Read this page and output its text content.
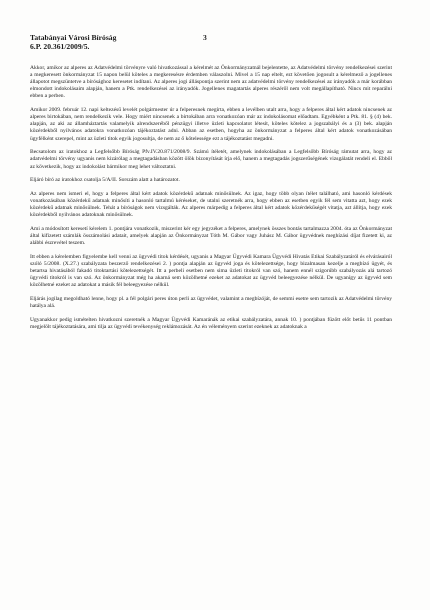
Tatabányai Városi Bíróság
6.P. 20.361/2009/5.
3

Akkor, amikor az alperes az Adatvédelmi törvényre való hivatkozással a kérelmét az Önkormányzatnál bejelentette, az Adatvédelmi törvény rendelkezései szerint a megkeresett önkormányzat 15 napon belül köteles a megkeresésre érdemben válaszolni. Mivel a 15 nap eltelt, ezt követően jogosult a kérelmező a jogellenes állapotot megszüntetve a bírósághoz keresetet indítani. Az alperes jogi álláspontja szerint nem az adatvédelmi törvény rendelkezései az irányadók a már korábban elmondott indokolásaim alapján, hanem a Ptk. rendelkezései az irányadók. Jogellenes magatartás alperes részéről nem volt megállapítható. Nincs mit reparálni ebben a perben.

Amikor 2009. február 12. napi keltezésű levelét polgármester úr a felperesnek megírta, ebben a levélben utalt arra, hogy a felperes által kért adatok nincsenek az alperes birtokában, nem rendelkezik vele. Hogy miért nincsenek a birtokában arra vonatkozóan már az indokolásomat előadtam. Egyébként a Ptk. 81. § (4) bek. alapján, az aki az államháztartás valamelyik alrendszeréből pénzügyi illetve üzleti kapcsolatot létesít, köteles kötelez a jogszabályi és a (3) bek. alapján közérdekből nyilvános adatokra vonatkozóan tájékoztatást adni. Abban az esetben, hogyha az önkormányzat a felperes által kért adatok vonatkozásában ügyfélként szerepel, mint az üzleti titok egyik jogosultja, de nem az ő kötelessége ezt a tájékoztatást megadni.

Becsatolom az iratokhoz a Legfelsőbb Bíróság Pfv.IV.20.871/2008/9. Számú ítéletét, amelynek indokolásában a Legfelsőbb Bíróság rámutat arra, hogy az adatvédelmi törvény ugyanis nem kizárólag a megtagadásban között ölök bizonyítását írja elő, hanem a megtagadás jogszerűségének vizsgálatát rendeli el. Ebből az következik, hogy az indokolást bármikor meg lehet változtatni.

Eljáró bíró az iratokhoz csatolja 5/A/II. Sorszám alatt a határozatot.

Az alperes nem ismeri el, hogy a felperes által kért adatok közérdekű adatnak minősülnek. Az igaz, hogy több olyan ítélet található, ami hasonló kérdések vonatkozásában közérdekű adatnak minősíti a hasonló tartalmú kéréseket, de utalni szeretnék arra, hogy ebben az esetben egyik fél sem vitatta azt, hogy ezek közérdekű adatnak minősülnek. Tehát a bíróságok nem vizsgálták. Az alperes márpedig a felperes által kért adatok közérdekűségét vitatja, azt állítja, hogy ezek közérdekből nyilvános adatoknak minősülnek.

Ami a módosított keresetí kérelem 1. pontjára vonatkozik, miszerint kér egy jegyzéket a felperes, amelynek összes bontás tartalmazza 2004. óta az Önkormányzat által kifizetett számlák összámolási adatait, amelyek alapján az Önkormányzat Tóth M. Gábor vagy Juhász M. Gábor ügyvédnek meghízási díjat fizetett ki, az alábbi észrevétel teszem.

Itt ebben a kérelemben figyelembe kell venni az ügyvédi titok kérdését, ugyanis a Magyar Ügyvédi Kamara Ügyvédi Hivatás Etikai Szabályzatáról és elvárásairól szóló 5/2008. (X.27.) szabályzata beszerző rendelkezései 2. ) pontja alapján az ügyvéd joga és kötelezettsége, hogy bizalmasan kezelje a megbízó ügyét, és betartsa hivatásából fakadó titoktartási kötelezettségét. Itt a perbeli esetben nem sima üzleti titokról van szó, hanem ennél szigorúbb szabályozás alá tartozó ügyvédi titokról is van szó. Az önkormányzat még ha akarná sem közölhetné ezeket az adatokat az ügyvéd beleegyezése nélkül. De ugyanígy az ügyvéd sem közölhetné ezeket az adatokat a másik fél beleegyezése nélkül.

Eljárás jogilag megoldható lenne, hogy pl. a fél polgári peres úton perli az ügyvédet, valamint a megbízóját, de semmi esetre sem tartozik az Adatvédelmi törvény hatálya alá.

Ugyanakkor pedig ismételten hivatkozni szeretnék a Magyar Ügyvédi Kamaránák az etikai szabályzatára, annak 10. ) pontjában füzött előt betűs 11 pontban megjelölt tájékoztatására, ami tilja az ügyvédi tevékenység reklámozását. Az én véleményem szerint ezeknek az adatoknak a
